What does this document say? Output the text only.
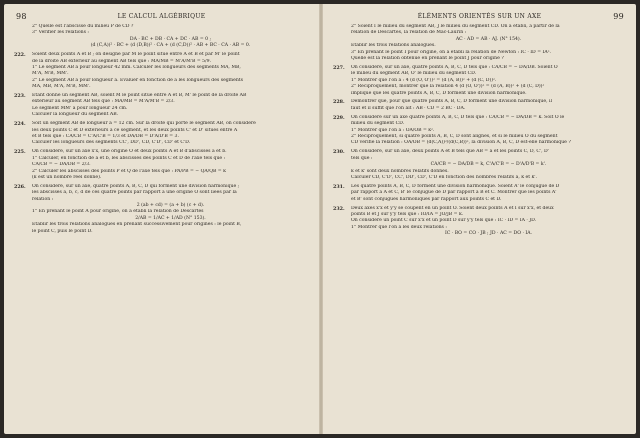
98	LE CALCUL ALGÉBRIQUE
2° Quelle est l'abscisse du milieu P de CD ?
3° Vérifier les relations :
DA · BC + DB · CA + DC · AB = 0 ;
(d (C,A))² · BC + (d (D,B))² · CA + (d (C,D))² · AB + BC · CA · AB = 0.
222. Soient deux points A et B ; on désigne par M le point situé entre A et B et par M' le point
de la droite AB extérieur au segment AB tels que : MA/MB = M'A/M'B = 5/9.
1° Le segment AB a pour longueur 42 mm. Calculer les longueurs des segments MA, MB,
M'A, M'B, MM'.
2° Le segment AB a pour longueur a. Évaluer en fonction de a les longueurs des segments
MA, MB, M'A, M'B, MM'.
223. Étant donné un segment AB, soient M le point situé entre A et B, M' le point de la droite AB
extérieur au segment AB tels que : MA/MB = M'A/M'B = 2/3.
Le segment MM' a pour longueur 24 cm.
Calculer la longueur du segment AB.
224. Soit un segment AB de longueur a = 12 cm. Sur la droite qui porte le segment AB, on considère
les deux points C et D extérieurs à ce segment, et les deux points C' et D' situés entre A
et B tels que : CA/CB = C'A/C'B = 1/3 et DA/DB = D'A/D'B = 3.
Calculer les longueurs des segments CC', DD', CD, C'D', CD' et C'D.
225. On considère, sur un axe x'x, une origine O et deux points A et B d'abscisses a et b.
1° Calculer, en fonction de a et b, les abscisses des points C et D de l'axe tels que :
CA/CB = − DA/DB = 2/3.
2° Calculer les abscisses des points P et Q de l'axe tels que : PA/PB = − QA/QB = k
(k est un nombre réel donné).
226. On considère, sur un axe, quatre points A, B, C, D qui forment une division harmonique ;
les abscisses a, b, c, d de ces quatre points par rapport à une origine O sont liées par la
relation :
2 (ab + cd) = (a + b) (c + d).
1° En prenant le point A pour origine, on a établi la relation de Descartes
2/AB = 1/AC + 1/AD (N° 153).
Établir les trois relations analogues en prenant successivement pour origines : le point B,
le point C, puis le point D.
ÉLÉMENTS ORIENTÉS SUR UN AXE	99
2° Soient I le milieu du segment AB, J le milieu du segment CD. On a établi, à partir de la
relation de Descartes, la relation de Mac-Laurin :
AC · AD = AB · AJ. (N° 154).
Établir les trois relations analogues.
3° En prenant le point I pour origine, on a établi la relation de Newton : IC · ID = IA².
Quelle est la relation obtenue en prenant le point J pour origine ?
227. On considère, sur un axe, quatre points A, B, C, D tels que : CA/CB = − DA/DB. Soient O
le milieu du segment AB, O' le milieu du segment CD.
1° Montrer que l'on a : 4 (d (O, O'))² = (d (A, B))² + (d (C, D))².
2° Réciproquement, montrer que la relation 4 (d (O, O'))² = (d (A, B))² + (d (C, D))²
implique que les quatre points A, B, C, D forment une division harmonique.
228. Démontrer que, pour que quatre points A, B, C, D forment une division harmonique, il
faut et il suffit que l'on ait : AB · CD = 2 BC · DA.
229. On considère sur un axe quatre points A, B, C, D tels que : CA/CB = − DA/DB = k. Soit O le
milieu du segment CD.
1° Montrer que l'on a : OA/OB = k².
2° Réciproquement, si quatre points A, B, C, D sont alignés, et si le milieu O du segment
CD vérifie la relation : OA/OB = (d(C,A))²/(d(C,B))², la division A, B, C, D est-elle harmonique ?
230. On considère, sur un axe, deux points A et B tels que AB = a et les points C, D, C', D'
tels que :
CA/CB = − DA/DB = k, C'A/C'B = − D'A/D'B = k'.
k et k' sont deux nombres relatifs donnés.
Calculer CD, C'D', CC', DD', CD', C'D en fonction des nombres relatifs a, k et k'.
231. Les quatre points A, B, C, D forment une division harmonique. Soient A' le conjugué de D
par rapport à A et C, B' le conjugué de D par rapport à B et C. Montrer que les points A'
et B' sont conjugués harmoniques par rapport aux points C et D.
232. Deux axes x'x et y'y se coupent en un point O. Soient deux points A et I sur x'x, et deux
points B et J sur y'y tels que : IO/IA = JO/JB = k.
On considère un point C sur x'x et un point D sur y'y tels que : IC · ID = IA · JD.
1° Montrer que l'on a les deux relations :
IC · BO = CO · JB ; JD · AC = DO · IA.
